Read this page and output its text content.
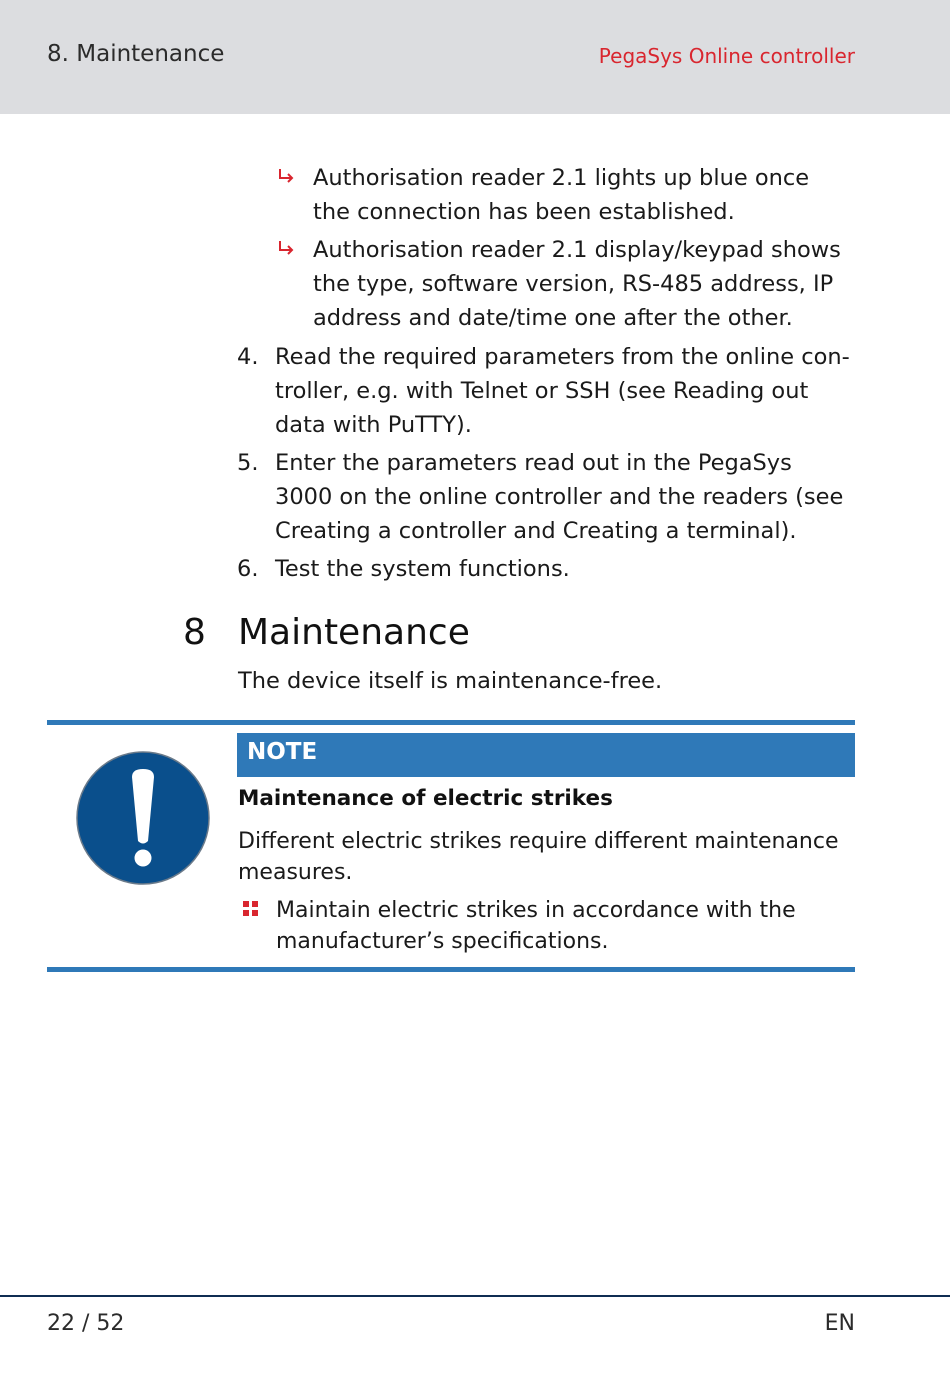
8. Maintenance	PegaSys Online controller
Authorisation reader 2.1 lights up blue once the connection has been established.
Authorisation reader 2.1 display/keypad shows the type, software version, RS-485 address, IP address and date/time one after the other.
4. Read the required parameters from the online con-troller, e.g. with Telnet or SSH (see Reading out data with PuTTY).
5. Enter the parameters read out in the PegaSys 3000 on the online controller and the readers (see Creating a controller and Creating a terminal).
6. Test the system functions.
8 Maintenance
The device itself is maintenance-free.
NOTE
Maintenance of electric strikes
Different electric strikes require different maintenance measures.
Maintain electric strikes in accordance with the manufacturer’s specifications.
22 / 52	EN
